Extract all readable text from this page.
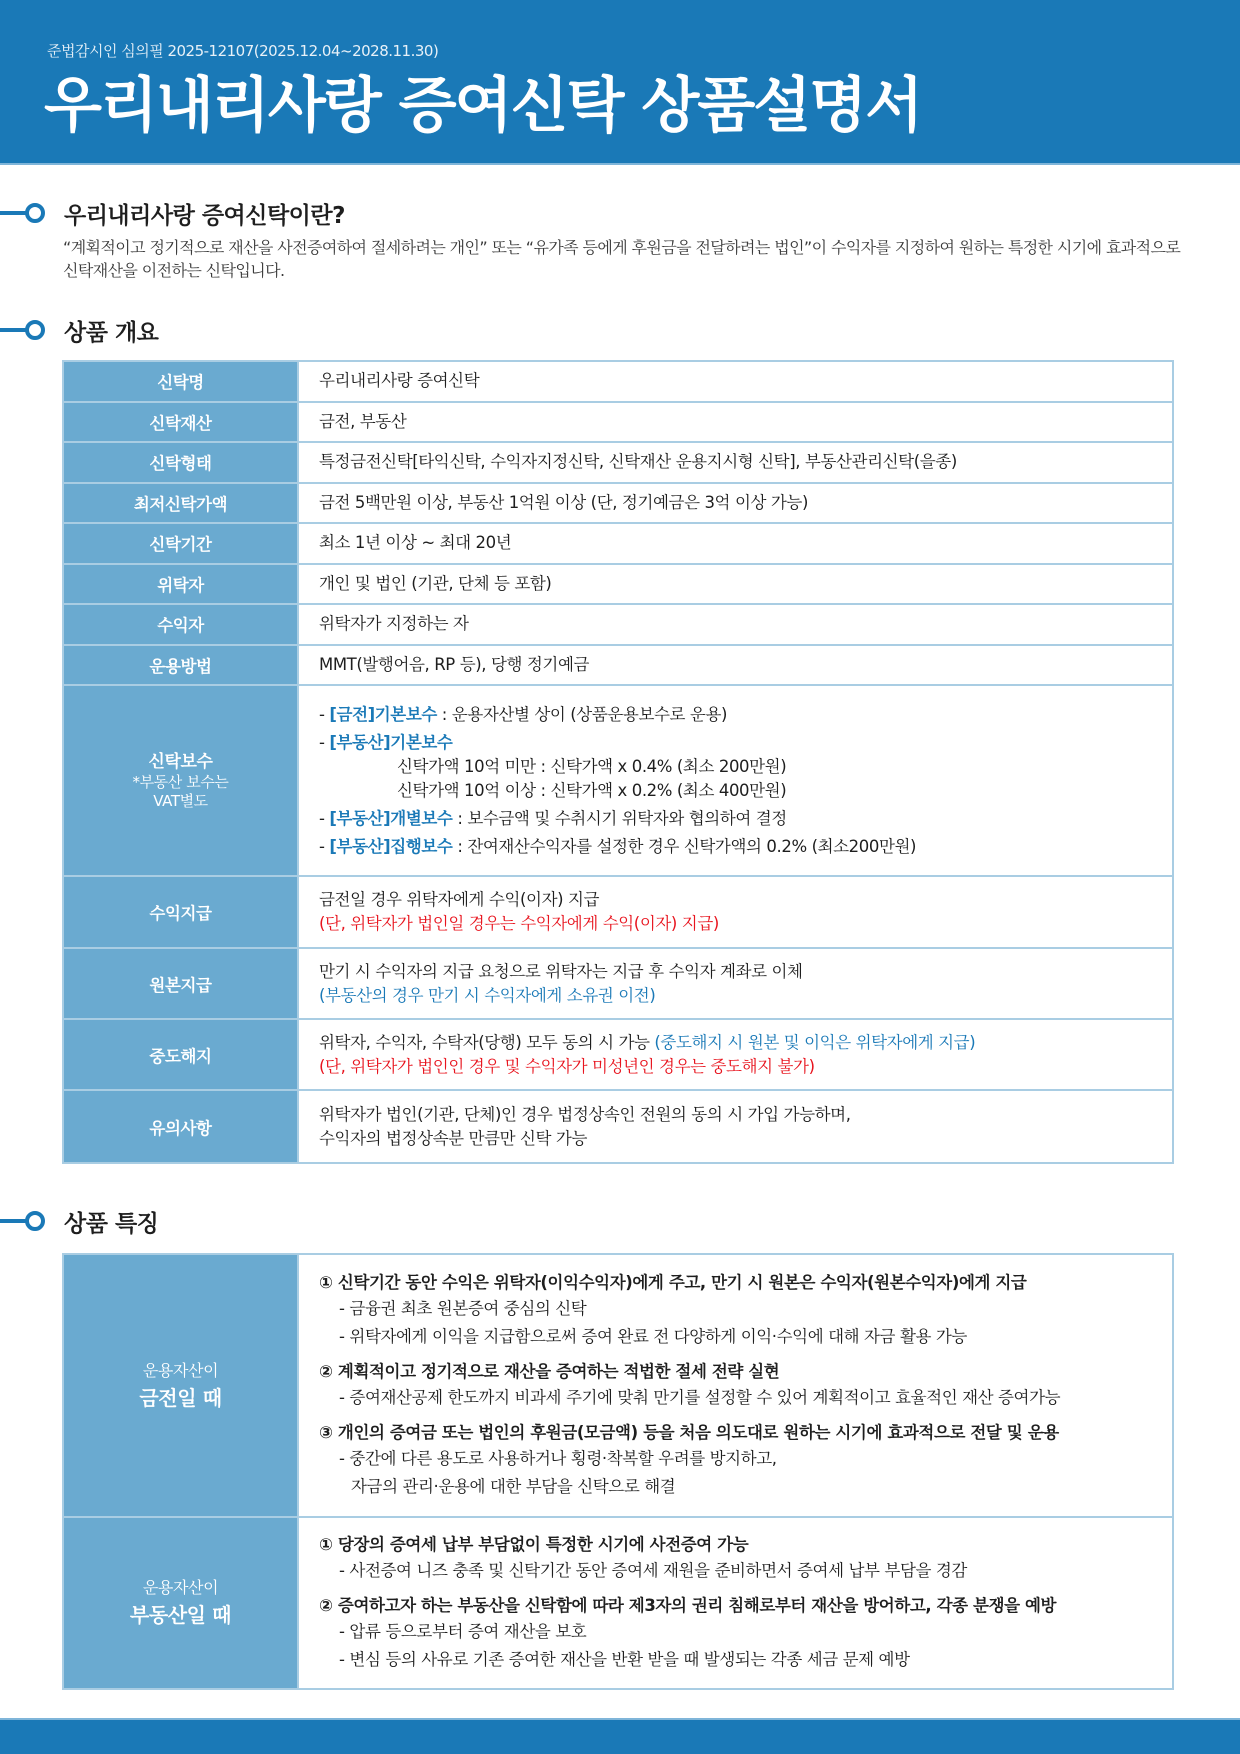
준법감시인 심의필 2025-12107(2025.12.04~2028.11.30)
우리내리사랑 증여신탁 상품설명서
우리내리사랑 증여신탁이란?
“계획적이고 정기적으로 재산을 사전증여하여 절세하려는 개인” 또는 “유가족 등에게 후원금을 전달하려는 법인”이 수익자를 지정하여 원하는 특정한 시기에 효과적으로 신탁재산을 이전하는 신탁입니다.
상품 개요
신탁명	우리내리사랑 증여신탁
신탁재산	금전, 부동산
신탁형태	특정금전신탁[타익신탁, 수익자지정신탁, 신탁재산 운용지시형 신탁], 부동산관리신탁(을종)
최저신탁가액	금전 5백만원 이상, 부동산 1억원 이상 (단, 정기예금은 3억 이상 가능)
신탁기간	최소 1년 이상 ~ 최대 20년
위탁자	개인 및 법인 (기관, 단체 등 포함)
수익자	위탁자가 지정하는 자
운용방법	MMT(발행어음, RP 등), 당행 정기예금

신탁보수
*부동산 보수는
VAT별도

- [금전]기본보수 : 운용자산별 상이 (상품운용보수로 운용)
- [부동산]기본보수
신탁가액 10억 미만 : 신탁가액 x 0.4% (최소 200만원)
신탁가액 10억 이상 : 신탁가액 x 0.2% (최소 400만원)
- [부동산]개별보수 : 보수금액 및 수취시기 위탁자와 협의하여 결정
- [부동산]집행보수 : 잔여재산수익자를 설정한 경우 신탁가액의 0.2% (최소200만원)

수익지급	금전일 경우 위탁자에게 수익(이자) 지급
(단, 위탁자가 법인일 경우는 수익자에게 수익(이자) 지급)

원본지급	만기 시 수익자의 지급 요청으로 위탁자는 지급 후 수익자 계좌로 이체
(부동산의 경우 만기 시 수익자에게 소유권 이전)

중도해지	위탁자, 수익자, 수탁자(당행) 모두 동의 시 가능 (중도해지 시 원본 및 이익은 위탁자에게 지급)
(단, 위탁자가 법인인 경우 및 수익자가 미성년인 경우는 중도해지 불가)

유의사항	위탁자가 법인(기관, 단체)인 경우 법정상속인 전원의 동의 시 가입 가능하며,
수익자의 법정상속분 만큼만 신탁 가능
상품 특징
운용자산이
금전일 때

① 신탁기간 동안 수익은 위탁자(이익수익자)에게 주고, 만기 시 원본은 수익자(원본수익자)에게 지급
- 금융권 최초 원본증여 중심의 신탁
- 위탁자에게 이익을 지급함으로써 증여 완료 전 다양하게 이익·수익에 대해 자금 활용 가능
② 계획적이고 정기적으로 재산을 증여하는 적법한 절세 전략 실현
- 증여재산공제 한도까지 비과세 주기에 맞춰 만기를 설정할 수 있어 계획적이고 효율적인 재산 증여가능
③ 개인의 증여금 또는 법인의 후원금(모금액) 등을 처음 의도대로 원하는 시기에 효과적으로 전달 및 운용
- 중간에 다른 용도로 사용하거나 횡령·착복할 우려를 방지하고,
자금의 관리·운용에 대한 부담을 신탁으로 해결

운용자산이
부동산일 때

① 당장의 증여세 납부 부담없이 특정한 시기에 사전증여 가능
- 사전증여 니즈 충족 및 신탁기간 동안 증여세 재원을 준비하면서 증여세 납부 부담을 경감
② 증여하고자 하는 부동산을 신탁함에 따라 제3자의 권리 침해로부터 재산을 방어하고, 각종 분쟁을 예방
- 압류 등으로부터 증여 재산을 보호
- 변심 등의 사유로 기존 증여한 재산을 반환 받을 때 발생되는 각종 세금 문제 예방
